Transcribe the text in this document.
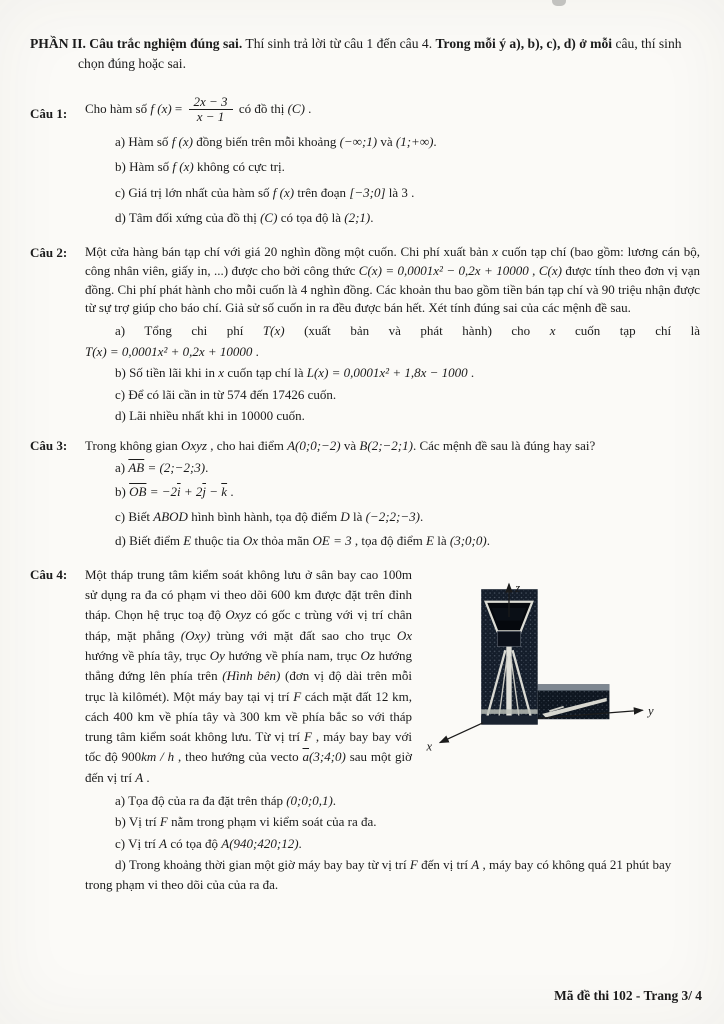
PHẦN II. Câu trắc nghiệm đúng sai. Thí sinh trả lời từ câu 1 đến câu 4. Trong mỗi ý a), b), c), d) ở mỗi câu, thí sinh chọn đúng hoặc sai.

Câu 1:	Cho hàm số f $(x) = \frac{2x - 3}{x - 1}$ có đồ thị (C) .
a) Hàm số f (x) đồng biến trên mỗi khoảng (−∞;1) và (1;+∞).
b) Hàm số f (x) không có cực trị.
c) Giá trị lớn nhất của hàm số f (x) trên đoạn [−3;0] là 3 .
d) Tâm đối xứng của đồ thị (C) có tọa độ là (2;1).
Câu 2:	Một cửa hàng bán tạp chí với giá 20 nghìn đồng một cuốn. Chi phí xuất bản x cuốn tạp chí (bao gồm: lương cán bộ, công nhân viên, giấy in, ...) được cho bởi công thức C(x) = 0,0001x² − 0,2x + 10000 , C(x) được tính theo đơn vị vạn đồng. Chi phí phát hành cho mỗi cuốn là 4 nghìn đồng. Các khoản thu bao gồm tiền bán tạp chí và 90 triệu nhận được từ sự trợ giúp cho báo chí. Giả sử số cuốn in ra đều được bán hết. Xét tính đúng sai của các mệnh đề sau.

a) Tổng chi phí T(x) (xuất bản và phát hành) cho x cuốn tạp chí là
T(x) = 0,0001x² + 0,2x + 10000 .
b) Số tiền lãi khi in x cuốn tạp chí là L(x) = 0,0001x² + 1,8x − 1000 .
c) Để có lãi cần in từ 574 đến 17426 cuốn.
d) Lãi nhiều nhất khi in 10000 cuốn.
Câu 3:	Trong không gian Oxyz , cho hai điểm A(0;0;−2) và B(2;−2;1). Các mệnh đề sau là đúng hay sai?

a) $\overline{AB}$ = (2;−2;3).
b) $\overline{OB} = -2\overline{i} + 2\overline{j} - \overline{k}$ .
c) Biết ABOD hình bình hành, tọa độ điểm D là (−2;2;−3).
d) Biết điểm E thuộc tia Ox thỏa mãn OE = 3 , tọa độ điểm E là (3;0;0).
Câu 4:
z
y
x

Một tháp trung tâm kiểm soát không lưu ở sân bay cao 100m sử dụng ra đa có phạm vi theo dõi 600 km được đặt trên đỉnh tháp. Chọn hệ trục toạ độ Oxyz có gốc c trùng với vị trí chân tháp, mặt phẳng (Oxy) trùng với mặt đất sao cho trục Ox hướng về phía tây, trục Oy hướng về phía nam, trục Oz hướng thẳng đứng lên phía trên (Hình bên) (đơn vị độ dài trên mỗi trục là kilômét). Một máy bay tại vị trí F cách mặt đất 12 km, cách 400 km về phía tây và 300 km về phía bắc so với tháp trung tâm kiểm soát không lưu. Từ vị trí F , máy bay bay với tốc độ 900km / h , theo hướng của vecto $\overline{a}(3;4;0)$ sau một giờ đến vị trí A .

a) Tọa độ của ra đa đặt trên tháp (0;0;0,1).
b) Vị trí F nằm trong phạm vi kiểm soát của ra đa.
c) Vị trí A có tọa độ A(940;420;12).
d) Trong khoảng thời gian một giờ máy bay bay từ vị trí F đến vị trí A , máy bay có không quá 21 phút bay trong phạm vi theo dõi của của ra đa.
Mã đề thi 102 - Trang 3/ 4
